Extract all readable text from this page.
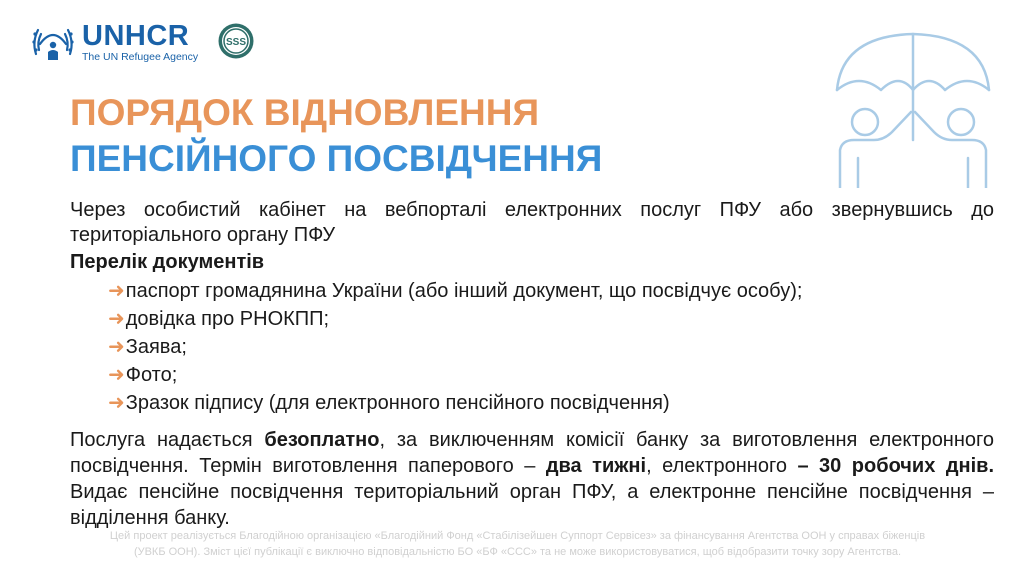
UNHCR
The UN Refugee Agency
SSS
ПОРЯДОК ВІДНОВЛЕННЯ
ПЕНСІЙНОГО ПОСВІДЧЕННЯ
Через особистий кабінет на вебпорталі електронних послуг ПФУ або звернувшись до територіального органу ПФУ
Перелік документів
➜ паспорт громадянина України (або інший документ, що посвідчує особу);
➜ довідка про РНОКПП;
➜ Заява;
➜ Фото;
➜ Зразок підпису (для електронного пенсійного посвідчення)
Послуга надається безоплатно, за виключенням комісії банку за виготовлення електронного посвідчення. Термін виготовлення паперового – два тижні, електронного – 30 робочих днів. Видає пенсійне посвідчення територіальний орган ПФУ, а електронне пенсійне посвідчення – відділення банку.
Цей проект реалізується Благодійною організацією «Благодійний Фонд «Стабілізейшен Суппорт Сервісез» за фінансування Агентства ООН у справах біженців
(УВКБ ООН). Зміст цієї публікації є виключно відповідальністю БО «БФ «ССС» та не може використовуватися, щоб відобразити точку зору Агентства.
